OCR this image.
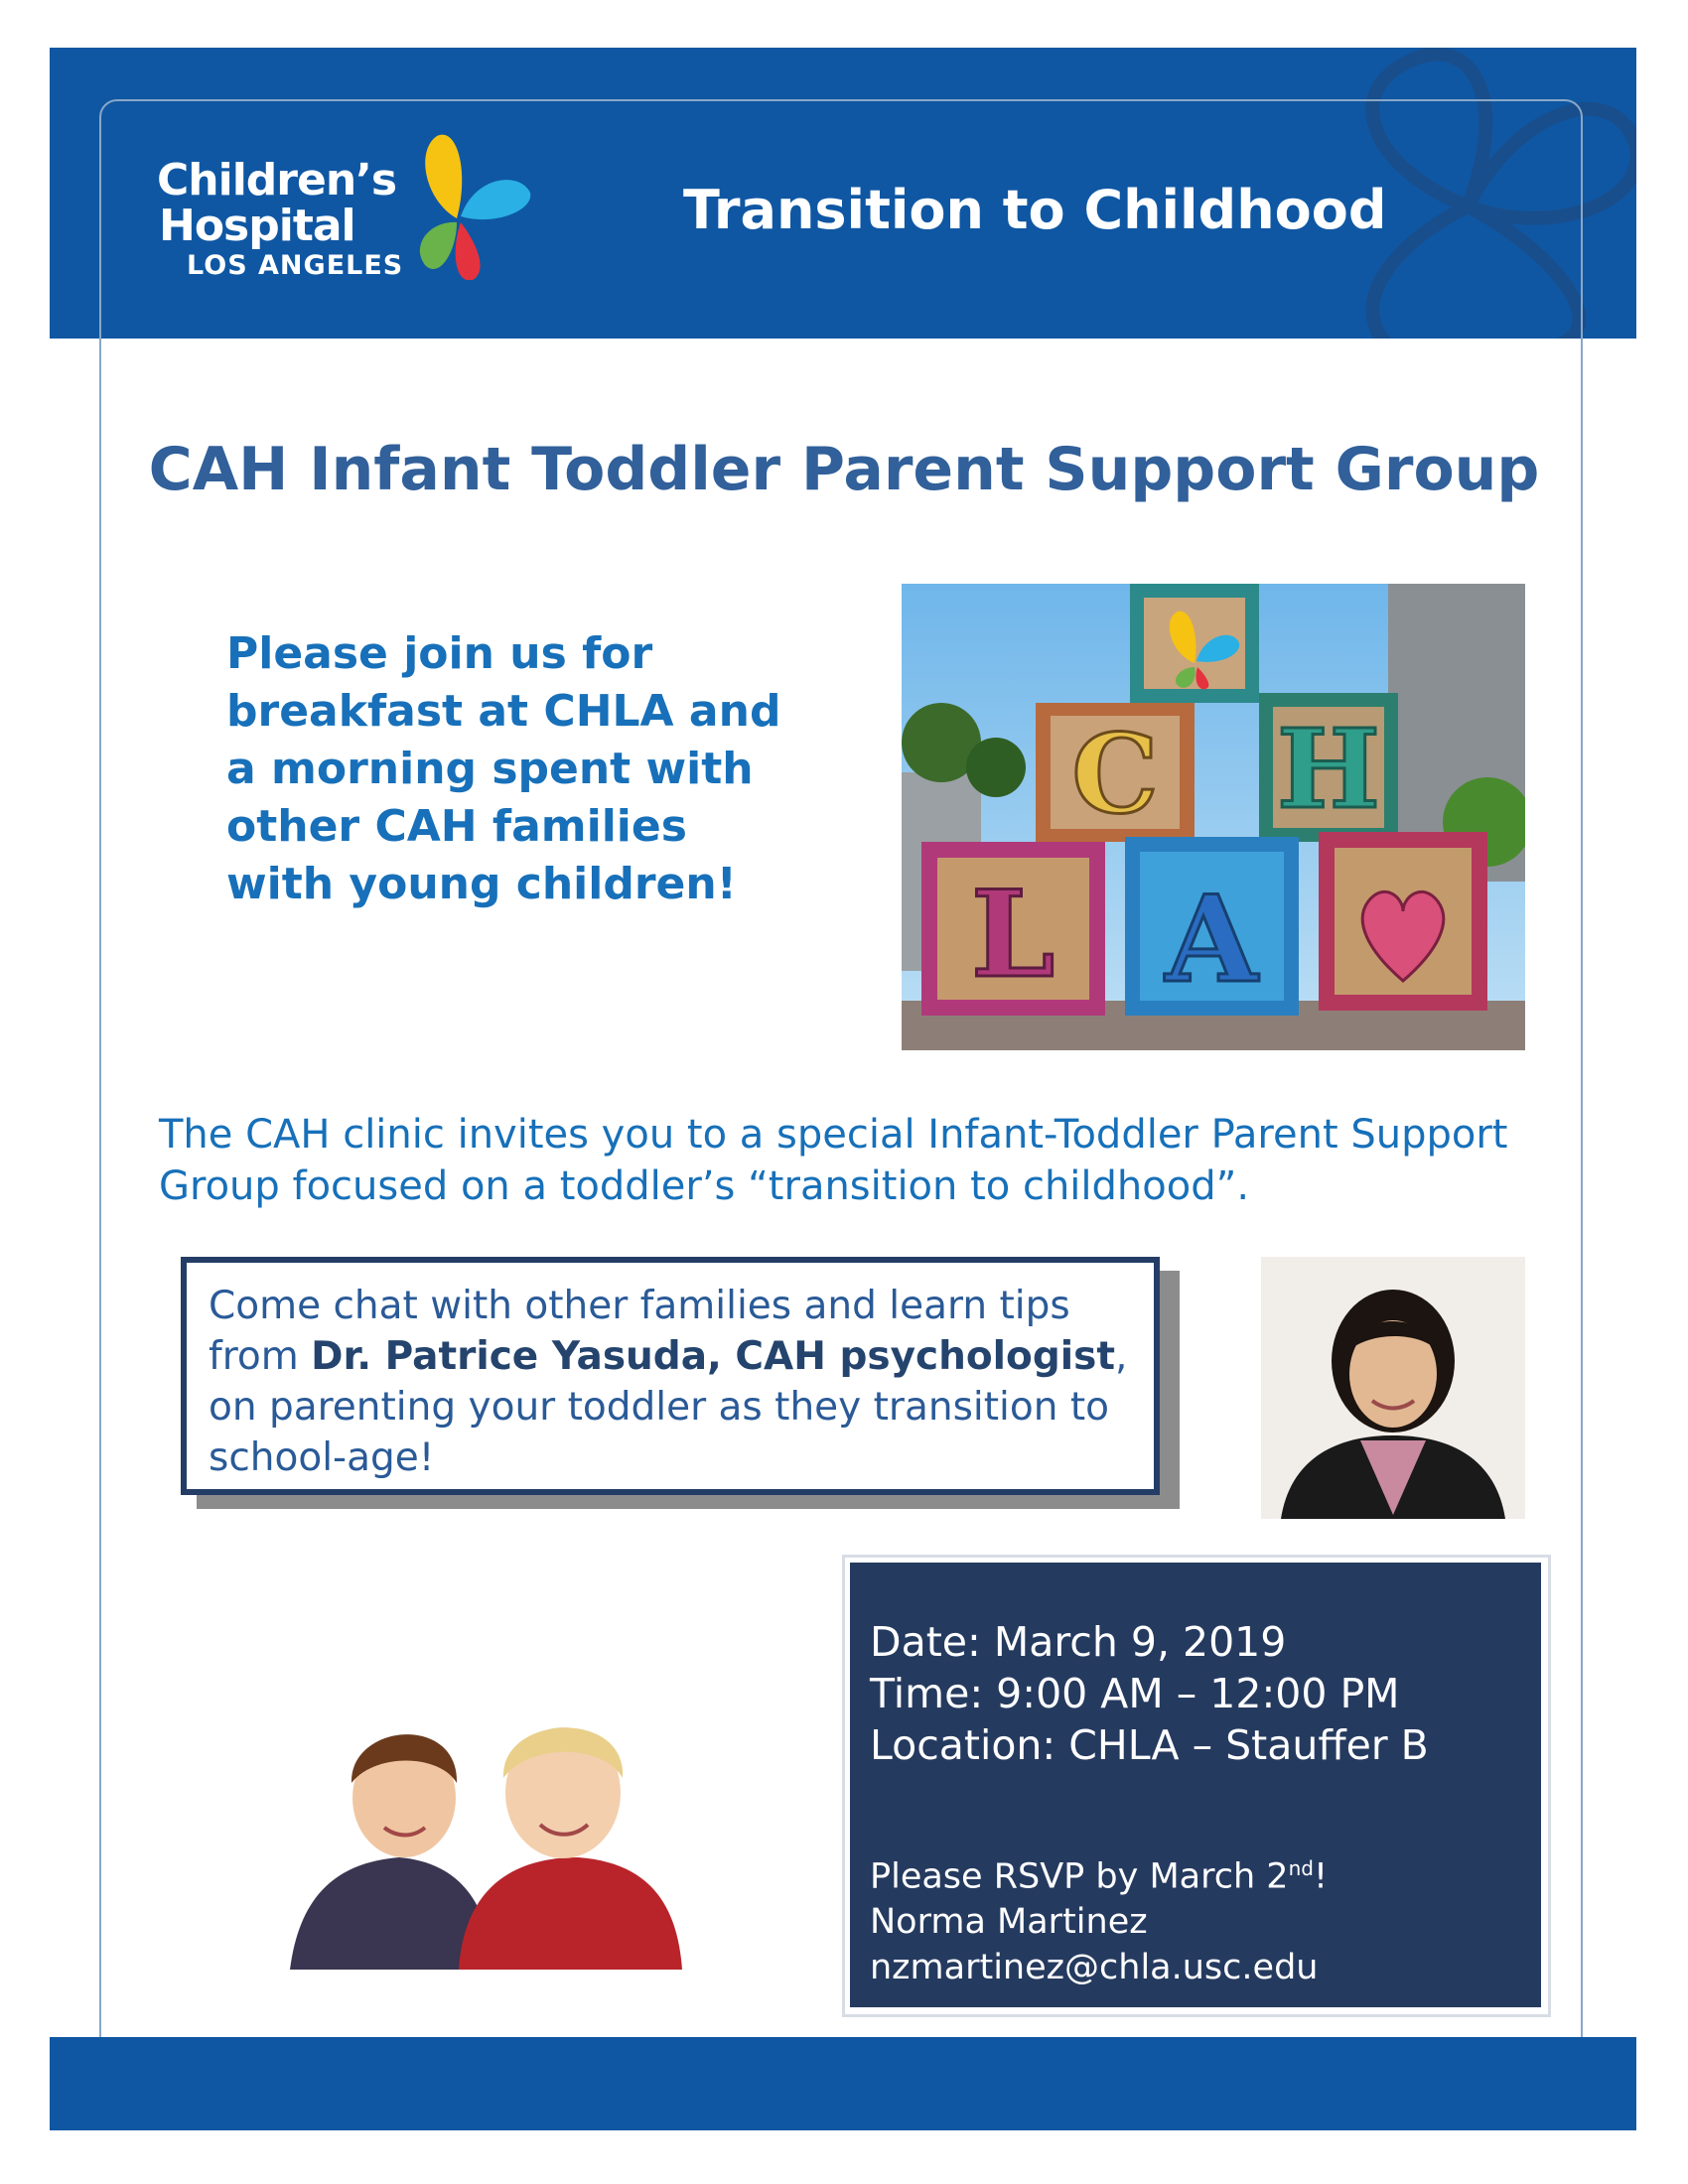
Children’s
Hospital
LOS ANGELES
Transition to Childhood
CAH Infant Toddler Parent Support Group
Please join us for
breakfast at CHLA and
a morning spent with
other CAH families
with young children!
C H
L A
The CAH clinic invites you to a special Infant-Toddler Parent Support
Group focused on a toddler’s “transition to childhood”.
Come chat with other families and learn tips
from Dr. Patrice Yasuda, CAH psychologist,
on parenting your toddler as they transition to
school-age!
Date: March 9, 2019
Time: 9:00 AM – 12:00 PM
Location: CHLA – Stauffer B
Please RSVP by March 2nd!
Norma Martinez
nzmartinez@chla.usc.edu
